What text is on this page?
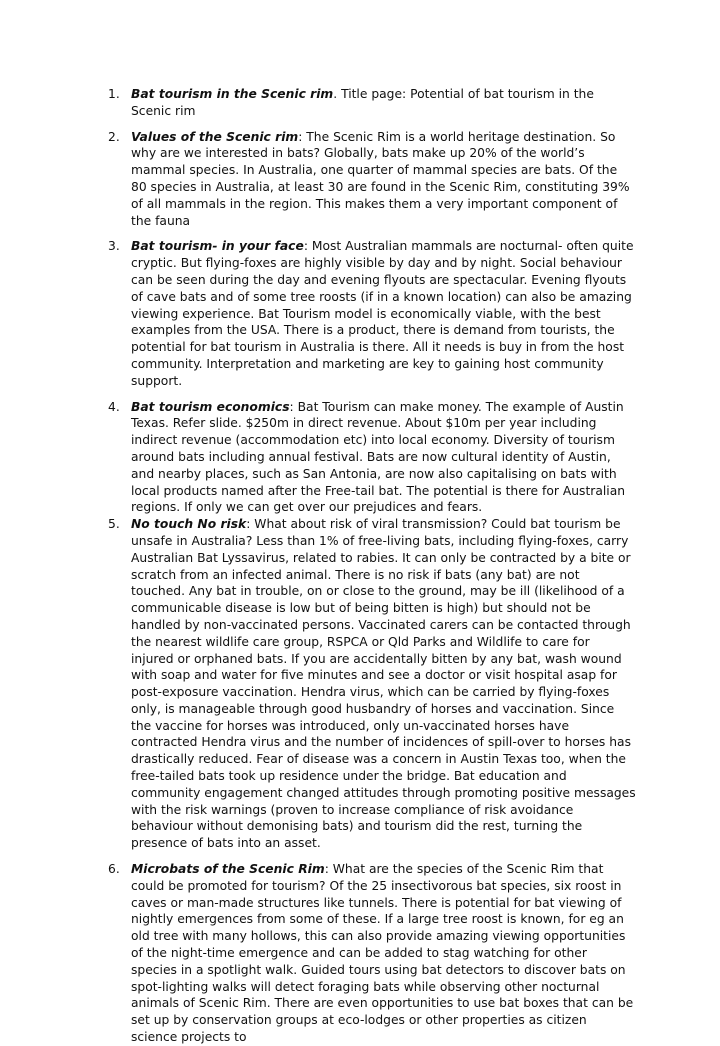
1. Bat tourism in the Scenic rim. Title page: Potential of bat tourism in the Scenic rim
2. Values of the Scenic rim: The Scenic Rim is a world heritage destination. So why are we interested in bats? Globally, bats make up 20% of the world’s mammal species. In Australia, one quarter of mammal species are bats. Of the 80 species in Australia, at least 30 are found in the Scenic Rim, constituting 39% of all mammals in the region. This makes them a very important component of the fauna
3. Bat tourism- in your face: Most Australian mammals are nocturnal- often quite cryptic. But flying-foxes are highly visible by day and by night. Social behaviour can be seen during the day and evening flyouts are spectacular. Evening flyouts of cave bats and of some tree roosts (if in a known location) can also be amazing viewing experience. Bat Tourism model is economically viable, with the best examples from the USA. There is a product, there is demand from tourists, the potential for bat tourism in Australia is there. All it needs is buy in from the host community. Interpretation and marketing are key to gaining host community support.
4. Bat tourism economics: Bat Tourism can make money. The example of Austin Texas. Refer slide. $250m in direct revenue. About $10m per year including indirect revenue (accommodation etc) into local economy. Diversity of tourism around bats including annual festival. Bats are now cultural identity of Austin, and nearby places, such as San Antonia, are now also capitalising on bats with local products named after the Free-tail bat. The potential is there for Australian regions. If only we can get over our prejudices and fears.
5. No touch No risk: What about risk of viral transmission? Could bat tourism be unsafe in Australia? Less than 1% of free-living bats, including flying-foxes, carry Australian Bat Lyssavirus, related to rabies. It can only be contracted by a bite or scratch from an infected animal. There is no risk if bats (any bat) are not touched. Any bat in trouble, on or close to the ground, may be ill (likelihood of a communicable disease is low but of being bitten is high) but should not be handled by non-vaccinated persons. Vaccinated carers can be contacted through the nearest wildlife care group, RSPCA or Qld Parks and Wildlife to care for injured or orphaned bats. If you are accidentally bitten by any bat, wash wound with soap and water for five minutes and see a doctor or visit hospital asap for post-exposure vaccination. Hendra virus, which can be carried by flying-foxes only, is manageable through good husbandry of horses and vaccination. Since the vaccine for horses was introduced, only un-vaccinated horses have contracted Hendra virus and the number of incidences of spill-over to horses has drastically reduced. Fear of disease was a concern in Austin Texas too, when the free-tailed bats took up residence under the bridge. Bat education and community engagement changed attitudes through promoting positive messages with the risk warnings (proven to increase compliance of risk avoidance behaviour without demonising bats) and tourism did the rest, turning the presence of bats into an asset.
6. Microbats of the Scenic Rim: What are the species of the Scenic Rim that could be promoted for tourism? Of the 25 insectivorous bat species, six roost in caves or man-made structures like tunnels. There is potential for bat viewing of nightly emergences from some of these. If a large tree roost is known, for eg an old tree with many hollows, this can also provide amazing viewing opportunities of the night-time emergence and can be added to stag watching for other species in a spotlight walk. Guided tours using bat detectors to discover bats on spot-lighting walks will detect foraging bats while observing other nocturnal animals of Scenic Rim. There are even opportunities to use bat boxes that can be set up by conservation groups at eco-lodges or other properties as citizen science projects to
